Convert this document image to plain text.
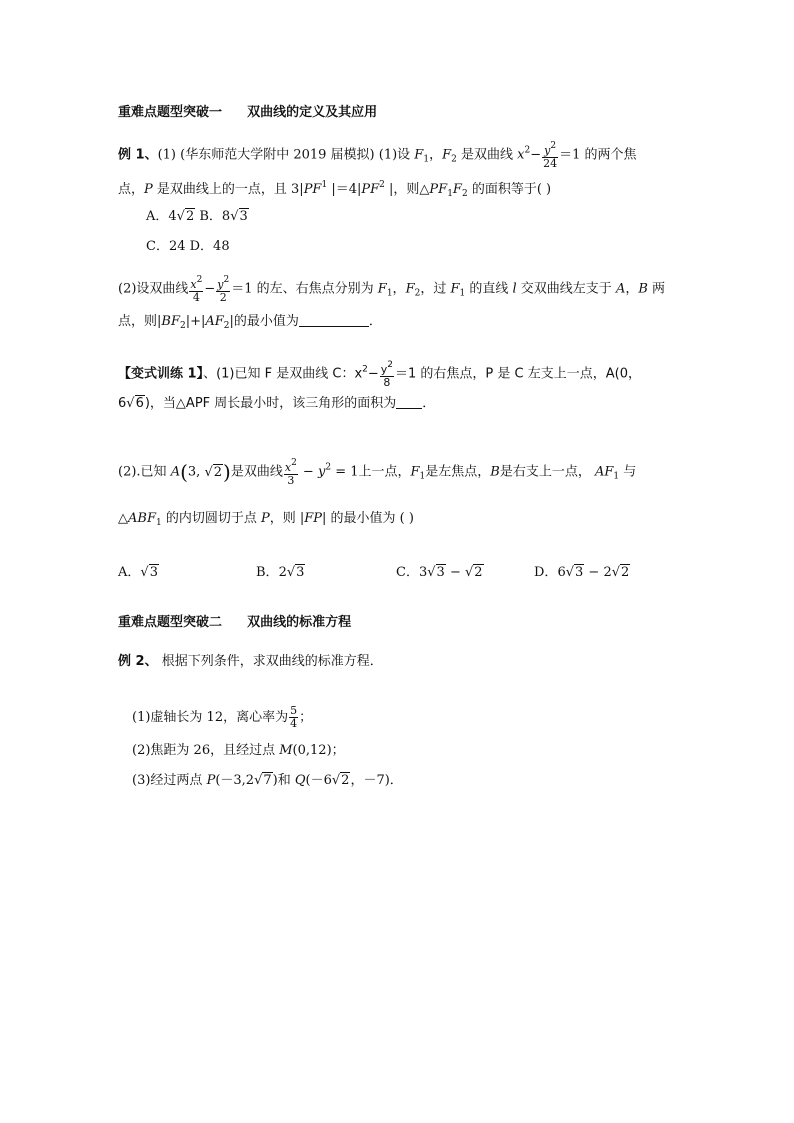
重难点题型突破一 双曲线的定义及其应用
例 1、(1) (华东师范大学附中 2019 届模拟) (1)设 $F_1$，$F_2$ 是双曲线 $x^2- \frac{y^2}{24} =1$ 的两个焦
点，P 是双曲线上的一点，且 $3|PF^1$ $|=4|PF^2$ |，则$\triangle PF_1F_2$ 的面积等于( )
A．4√2 B．8√3
C．24 D．48
(2)设双曲线 $\frac{x^2}{4} - \frac{y^2}{2} =1$ 的左、右焦点分别为 $F_1$，$F_2$，过 $F_1$ 的直线 l 交双曲线左支于 A，B 两
点，则$|BF_2|+|AF_2|$的最小值为	．
【变式训练 1】、(1)已知 F 是双曲线 C：$x^2- \frac{y^2}{8} =1$ 的右焦点，P 是 C 左支上一点，A(0，
6√6)，当△APF 周长最小时，该三角形的面积为 ．
(2).已知 A(3, √2)是双曲线 $\frac{x^2}{3} - y^2 = 1$上一点，$F_1$是左焦点，B是右支上一点， $AF_1$ 与
$\triangle ABF_1$ 的内切圆切于点 P，则 |FP| 的最小值为 ( )
A．√3	B．2√3	C．3√3 − √2	D．6√3 − 2√2
重难点题型突破二 双曲线的标准方程
例 2、 根据下列条件，求双曲线的标准方程．
(1)虚轴长为 12，离心率为 $\frac{5}{4}$ ；
(2)焦距为 26，且经过点 M(0,12)；
(3)经过两点 P(－3,2√7)和 Q(－6√2，－7)．
